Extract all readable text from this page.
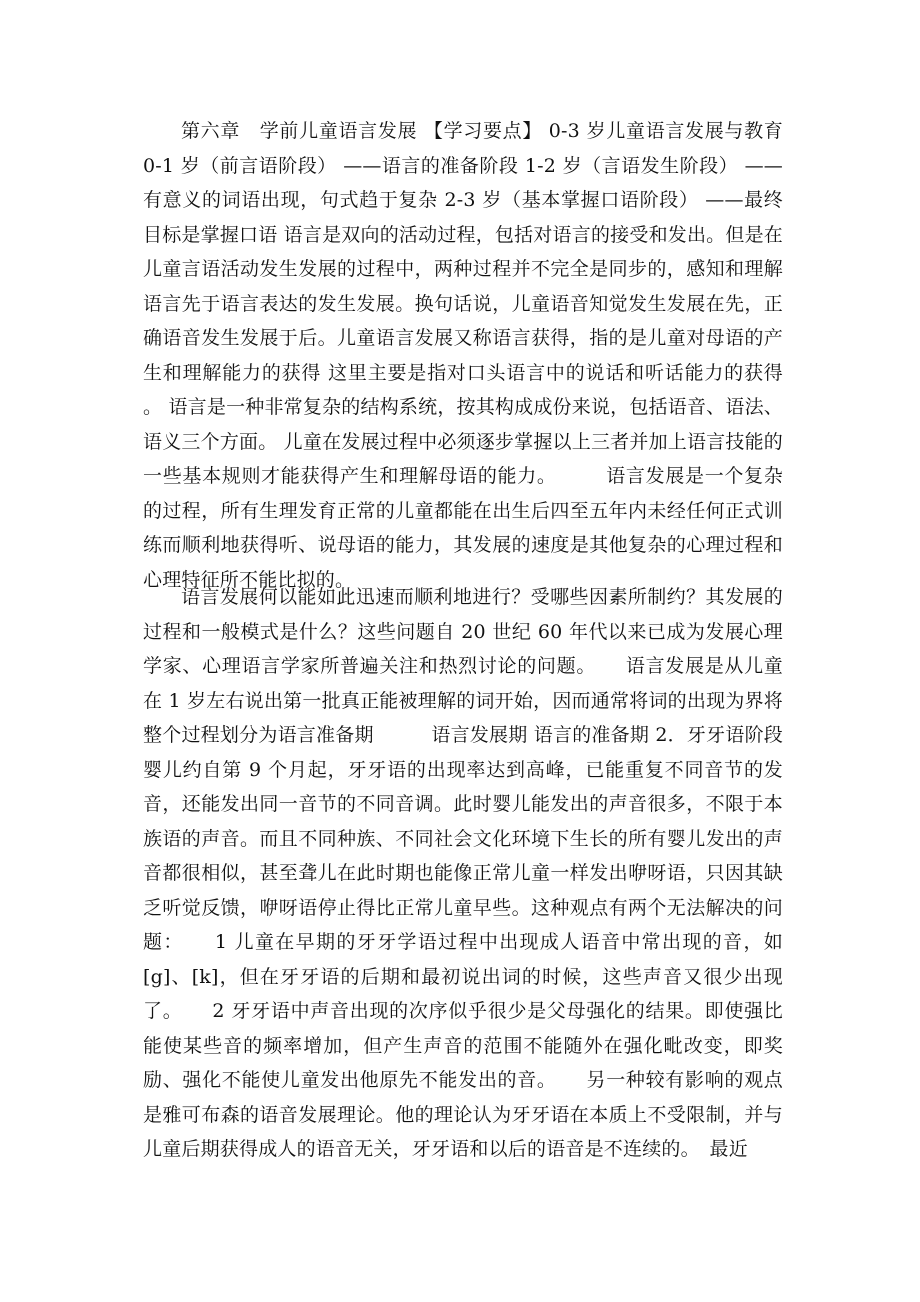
第六章　学前儿童语言发展 【学习要点】 0-3 岁儿童语言发展与教育 0-1 岁（前言语阶段） ——语言的准备阶段 1-2 岁（言语发生阶段） ——有意义的词语出现，句式趋于复杂 2-3 岁（基本掌握口语阶段） ——最终目标是掌握口语 语言是双向的活动过程，包括对语言的接受和发出。但是在儿童言语活动发生发展的过程中，两种过程并不完全是同步的，感知和理解语言先于语言表达的发生发展。换句话说，儿童语音知觉发生发展在先，正确语音发生发展于后。儿童语言发展又称语言获得，指的是儿童对母语的产生和理解能力的获得 这里主要是指对口头语言中的说话和听话能力的获得 。 语言是一种非常复杂的结构系统，按其构成成份来说，包括语音、语法、语义三个方面。 儿童在发展过程中必须逐步掌握以上三者并加上语言技能的一些基本规则才能获得产生和理解母语的能力。　　　语言发展是一个复杂的过程，所有生理发育正常的儿童都能在出生后四至五年内未经任何正式训练而顺利地获得听、说母语的能力，其发展的速度是其他复杂的心理过程和心理特征所不能比拟的。

语言发展何以能如此迅速而顺利地进行？受哪些因素所制约？其发展的过程和一般模式是什么？这些问题自 20 世纪 60 年代以来已成为发展心理学家、心理语言学家所普遍关注和热烈讨论的问题。　　语言发展是从儿童在 1 岁左右说出第一批真正能被理解的词开始，因而通常将词的出现为界将整个过程划分为语言准备期　　　语言发展期 语言的准备期 2．牙牙语阶段　　婴儿约自第 9 个月起，牙牙语的出现率达到高峰，已能重复不同音节的发音，还能发出同一音节的不同音调。此时婴儿能发出的声音很多，不限于本族语的声音。而且不同种族、不同社会文化环境下生长的所有婴儿发出的声音都很相似，甚至聋儿在此时期也能像正常儿童一样发出咿呀语，只因其缺乏听觉反馈，咿呀语停止得比正常儿童早些。这种观点有两个无法解决的问题：　　1 儿童在早期的牙牙学语过程中出现成人语音中常出现的音，如[g]、[k]，但在牙牙语的后期和最初说出词的时候，这些声音又很少出现了。　　2 牙牙语中声音出现的次序似乎很少是父母强化的结果。即使强比能使某些音的频率增加，但产生声音的范围不能随外在强化毗改变，即奖励、强化不能使儿童发出他原先不能发出的音。　　另一种较有影响的观点是雅可布森的语音发展理论。他的理论认为牙牙语在本质上不受限制，并与儿童后期获得成人的语音无关，牙牙语和以后的语音是不连续的。　最近
